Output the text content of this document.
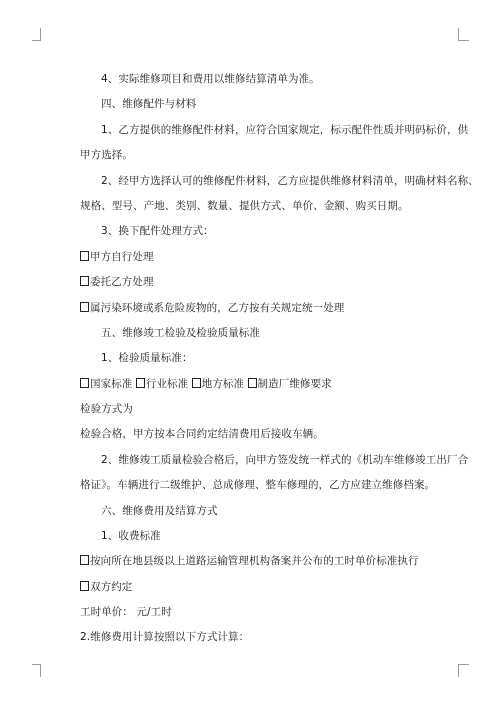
4、实际维修项目和费用以维修结算清单为准。
四、维修配件与材料
1、乙方提供的维修配件材料，应符合国家规定，标示配件性质并明码标价，供
甲方选择。
2、经甲方选择认可的维修配件材料，乙方应提供维修材料清单，明确材料名称、
规格、型号、产地、类别、数量、提供方式、单价、金额、购买日期。
3、换下配件处理方式：
甲方自行处理
委托乙方处理
属污染环境或系危险废物的，乙方按有关规定统一处理
五、维修竣工检验及检验质量标准
1、检验质量标准：
国家标准 行业标准 地方标准 制造厂维修要求
检验方式为
检验合格，甲方按本合同约定结清费用后接收车辆。
2、维修竣工质量检验合格后，向甲方签发统一样式的《机动车维修竣工出厂合
格证》。车辆进行二级维护、总成修理、整车修理的，乙方应建立维修档案。
六、维修费用及结算方式
1、收费标准
按向所在地县级以上道路运输管理机构备案并公布的工时单价标准执行
双方约定
工时单价： 元/工时
2.维修费用计算按照以下方式计算：
